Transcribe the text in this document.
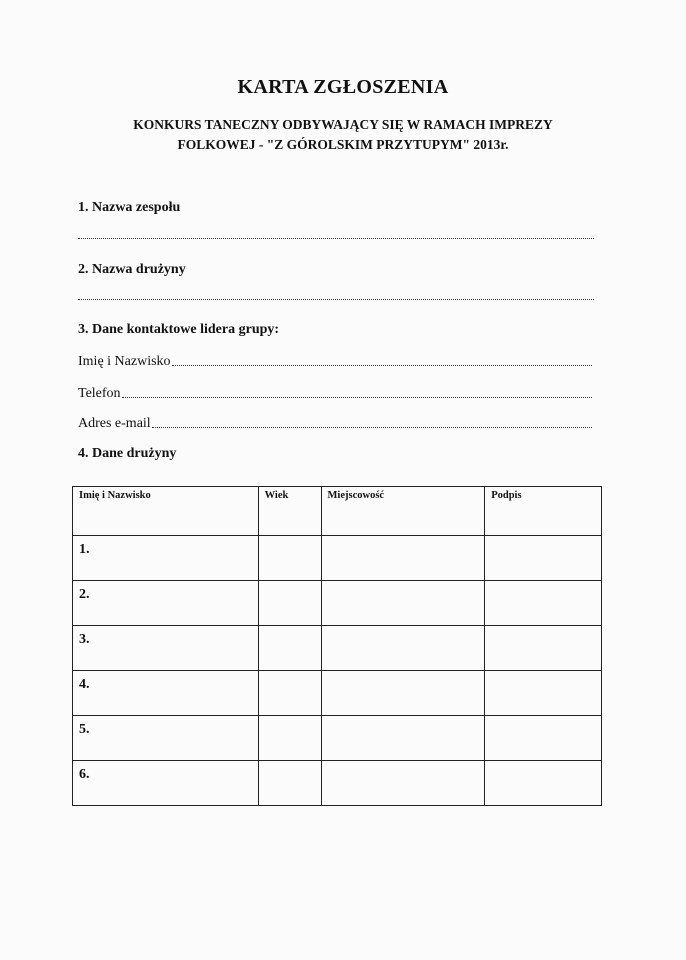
KARTA ZGŁOSZENIA
KONKURS TANECZNY ODBYWAJĄCY SIĘ W RAMACH IMPREZY
FOLKOWEJ - "Z GÓROLSKIM PRZYTUPYM" 2013r.
1. Nazwa zespołu
2. Nazwa drużyny
3. Dane kontaktowe lidera grupy:
Imię i Nazwisko
Telefon
Adres e-mail
4. Dane drużyny
Imię i Nazwisko	Wiek	Miejscowość	Podpis

1.			

2.			

3.			

4.			

5.			

6.			
